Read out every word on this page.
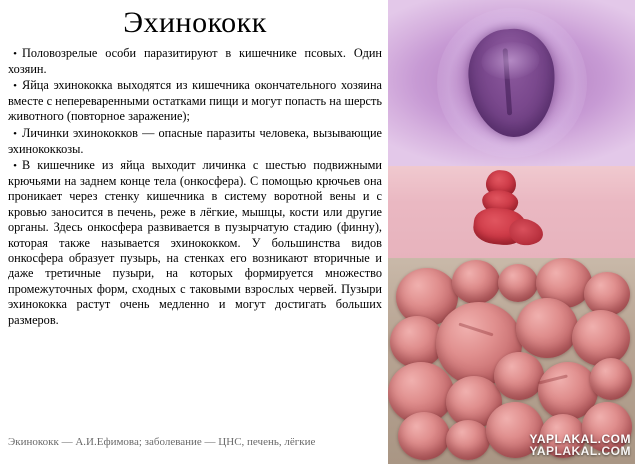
Эхинококк
• Половозрелые особи паразитируют в кишечнике псовых. Один хозяин.
• Яйца эхинококка выходятся из кишечника окончательного хозяина вместе с непереваренными остатками пищи и могут попасть на шерсть животного (повторное заражение);
• Личинки эхинококков — опасные паразиты человека, вызывающие эхинококкозы.
• В кишечнике из яйца выходит личинка с шестью подвижными крючьями на заднем конце тела (онкосфера). С помощью крючьев она проникает через стенку кишечника в систему воротной вены и с кровью заносится в печень, реже в лёгкие, мышцы, кости или другие органы. Здесь онкосфера развивается в пузырчатую стадию (финну), которая также называется эхинококком. У большинства видов онкосфера образует пузырь, на стенках его возникают вторичные и даже третичные пузыри, на которых формируется множество промежуточных форм, сходных с таковыми взрослых червей. Пузыри эхинококка растут очень медленно и могут достигать больших размеров.
Экинококк — А.И.Ефимова; заболевание — ЦНС, печень, лёгкие	YAPLAKAL.COM
YAPLAKAL.COM
